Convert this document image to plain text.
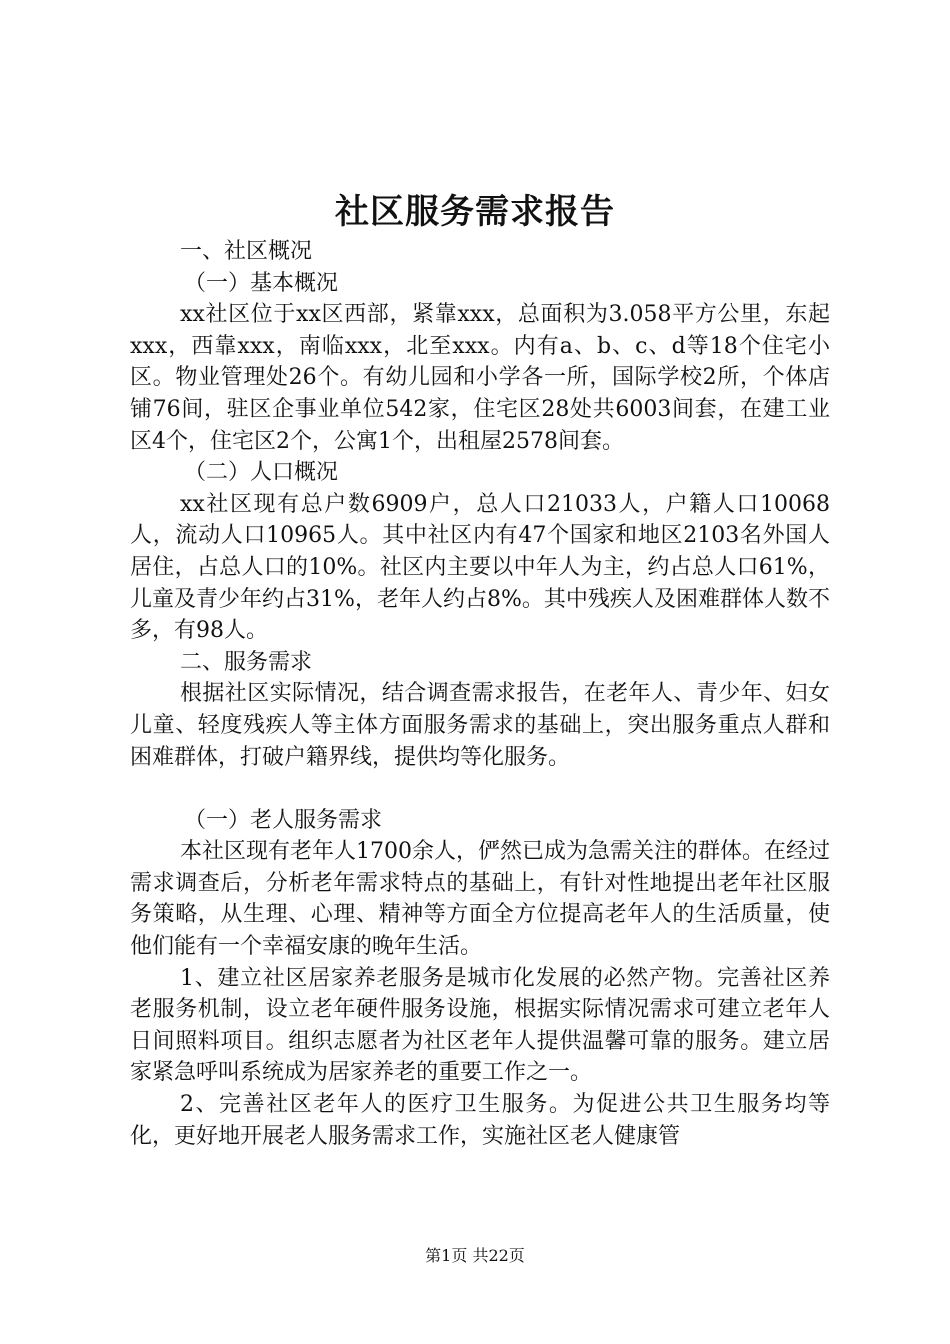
社区服务需求报告

一、社区概况

（一）基本概况

xx社区位于xx区西部，紧靠xxx，总面积为3.058平方公里，东起xxx，西靠xxx，南临xxx，北至xxx。内有a、b、c、d等18个住宅小区。物业管理处26个。有幼儿园和小学各一所，国际学校2所，个体店铺76间，驻区企事业单位542家，住宅区28处共6003间套，在建工业区4个，住宅区2个，公寓1个，出租屋2578间套。

（二）人口概况

xx社区现有总户数6909户，总人口21033人，户籍人口10068人，流动人口10965人。其中社区内有47个国家和地区2103名外国人居住，占总人口的10%。社区内主要以中年人为主，约占总人口61%，儿童及青少年约占31%，老年人约占8%。其中残疾人及困难群体人数不多，有98人。

二、服务需求

根据社区实际情况，结合调查需求报告，在老年人、青少年、妇女儿童、轻度残疾人等主体方面服务需求的基础上，突出服务重点人群和困难群体，打破户籍界线，提供均等化服务。

（一）老人服务需求

本社区现有老年人1700余人，俨然已成为急需关注的群体。在经过需求调查后，分析老年需求特点的基础上，有针对性地提出老年社区服务策略，从生理、心理、精神等方面全方位提高老年人的生活质量，使他们能有一个幸福安康的晚年生活。

1、建立社区居家养老服务是城市化发展的必然产物。完善社区养老服务机制，设立老年硬件服务设施，根据实际情况需求可建立老年人日间照料项目。组织志愿者为社区老年人提供温馨可靠的服务。建立居家紧急呼叫系统成为居家养老的重要工作之一。

2、完善社区老年人的医疗卫生服务。为促进公共卫生服务均等化，更好地开展老人服务需求工作，实施社区老人健康管

第1页 共22页
